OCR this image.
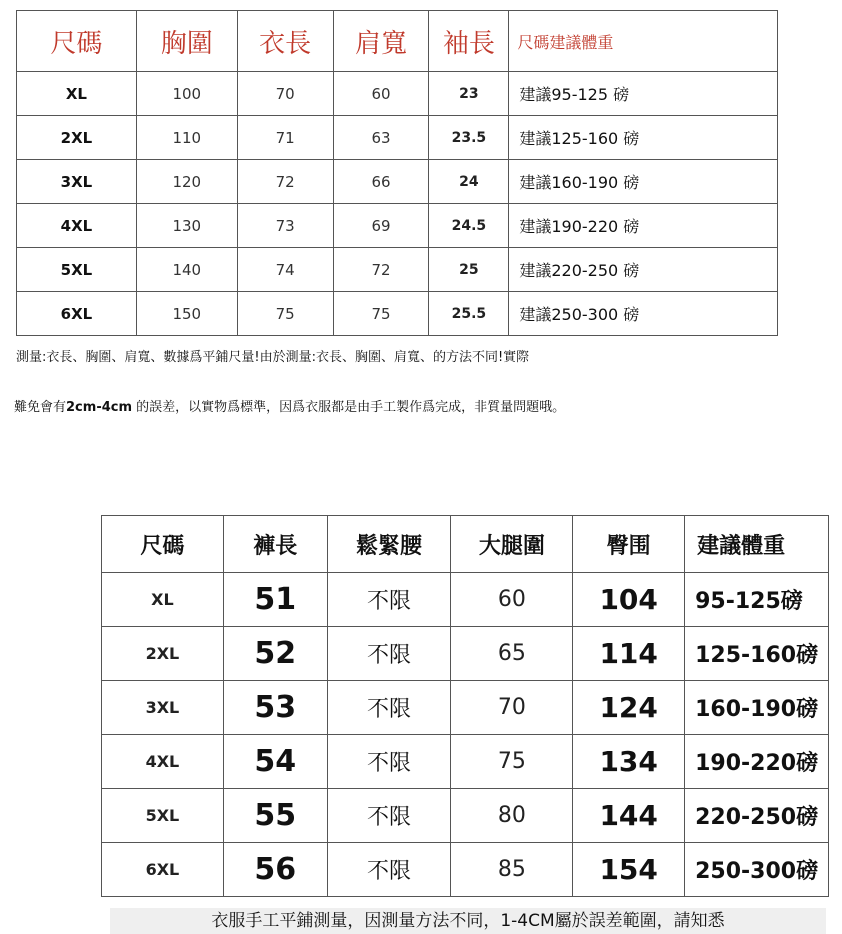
尺碼	胸圍	衣長	肩寬	袖長	尺碼建議體重
XL	100	70	60	23	建議95-125 磅
2XL	110	71	63	23.5	建議125-160 磅
3XL	120	72	66	24	建議160-190 磅
4XL	130	73	69	24.5	建議190-220 磅
5XL	140	74	72	25	建議220-250 磅
6XL	150	75	75	25.5	建議250-300 磅
測量:衣長、胸圍、肩寬、數據爲平鋪尺量!由於測量:衣長、胸圍、肩寬、的方法不同!實際
難免會有2cm-4cm 的誤差，以實物爲標準，因爲衣服都是由手工製作爲完成，非質量問題哦。
尺碼	褲長	鬆緊腰	大腿圍	臀围	建議體重
XL	51	不限	60	104	95-125磅
2XL	52	不限	65	114	125-160磅
3XL	53	不限	70	124	160-190磅
4XL	54	不限	75	134	190-220磅
5XL	55	不限	80	144	220-250磅
6XL	56	不限	85	154	250-300磅
衣服手工平鋪測量，因測量方法不同，1-4CM屬於誤差範圍，請知悉
